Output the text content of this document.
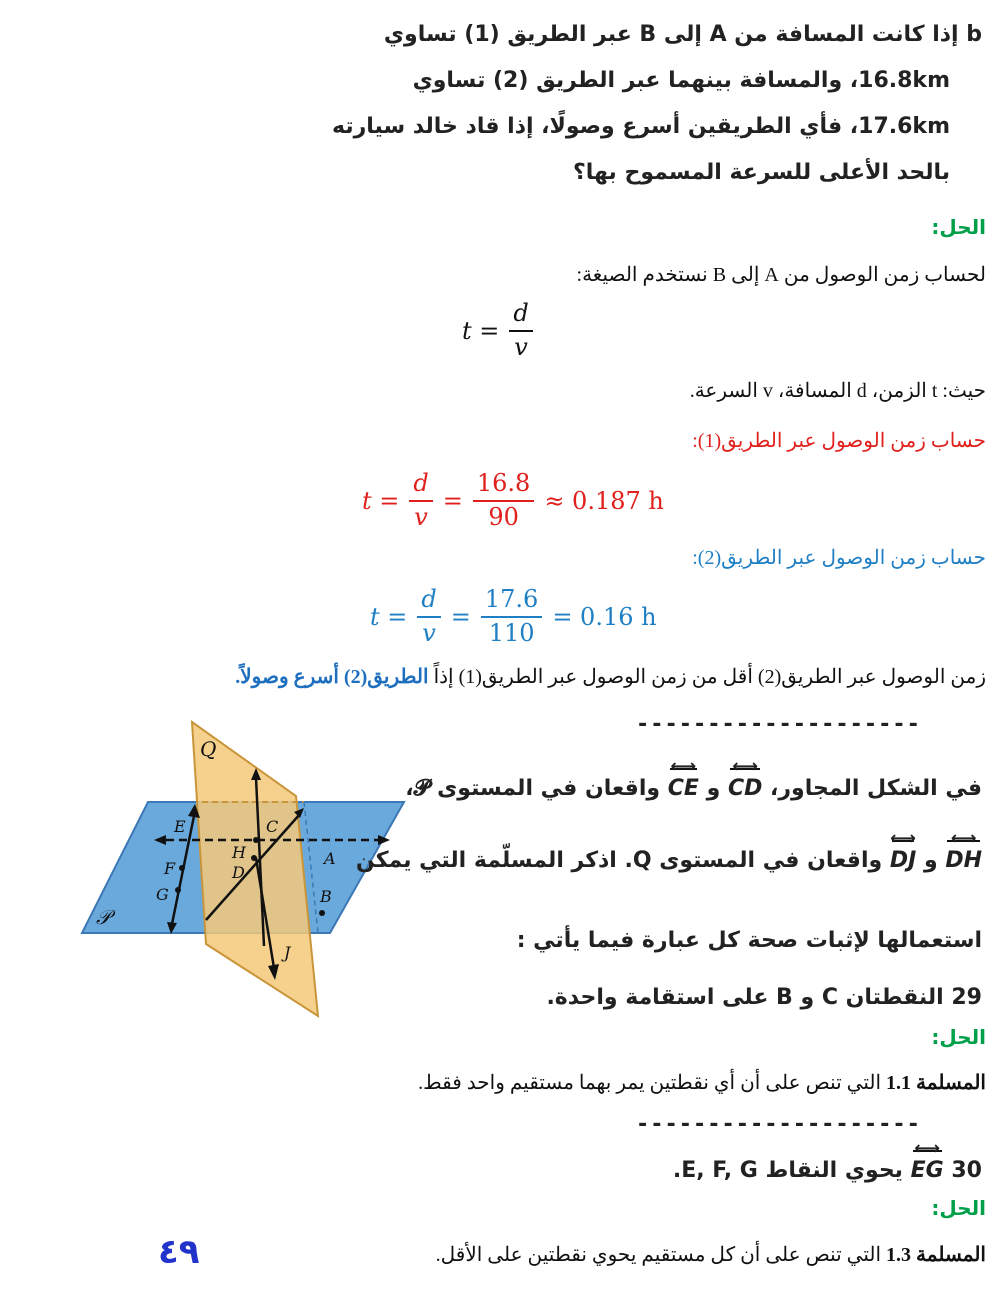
b إذا كانت المسافة من A إلى B عبر الطريق (1) تساوي
16.8km، والمسافة بينهما عبر الطريق (2) تساوي
17.6km، فأي الطريقين أسرع وصولًا، إذا قاد خالد سيارته
بالحد الأعلى للسرعة المسموح بها؟
الحل:
لحساب زمن الوصول من A إلى B نستخدم الصيغة:
$t = \frac{d}{v}$
حيث: t الزمن، d المسافة، v السرعة.
حساب زمن الوصول عبر الطريق(1):
$t = \frac{d}{v} = \frac{16.8}{90} \approx 0.187$ h
حساب زمن الوصول عبر الطريق(2):
$t = \frac{d}{v} = \frac{17.6}{110} = 0.16$ h
زمن الوصول عبر الطريق(2) أقل من زمن الوصول عبر الطريق(1) إذاً الطريق(2) أسرع وصولاً.
--------------------
Q
𝒫
E	C
H
D
A
F
G	B
J
في الشكل المجاور، CD ⟷ و CE ⟷ واقعان في المستوى 𝓟،
DH ⟷ و DJ ⟷ واقعان في المستوى Q. اذكر المسلّمة التي يمكن
استعمالها لإثبات صحة كل عبارة فيما يأتي :
29 النقطتان C و B على استقامة واحدة.
الحل:
المسلمة 1.1 التي تنص على أن أي نقطتين يمر بهما مستقيم واحد فقط.
--------------------
30 EG ⟷ يحوي النقاط E, F, G.
الحل:
المسلمة 1.3 التي تنص على أن كل مستقيم يحوي نقطتين على الأقل.
٤٩
